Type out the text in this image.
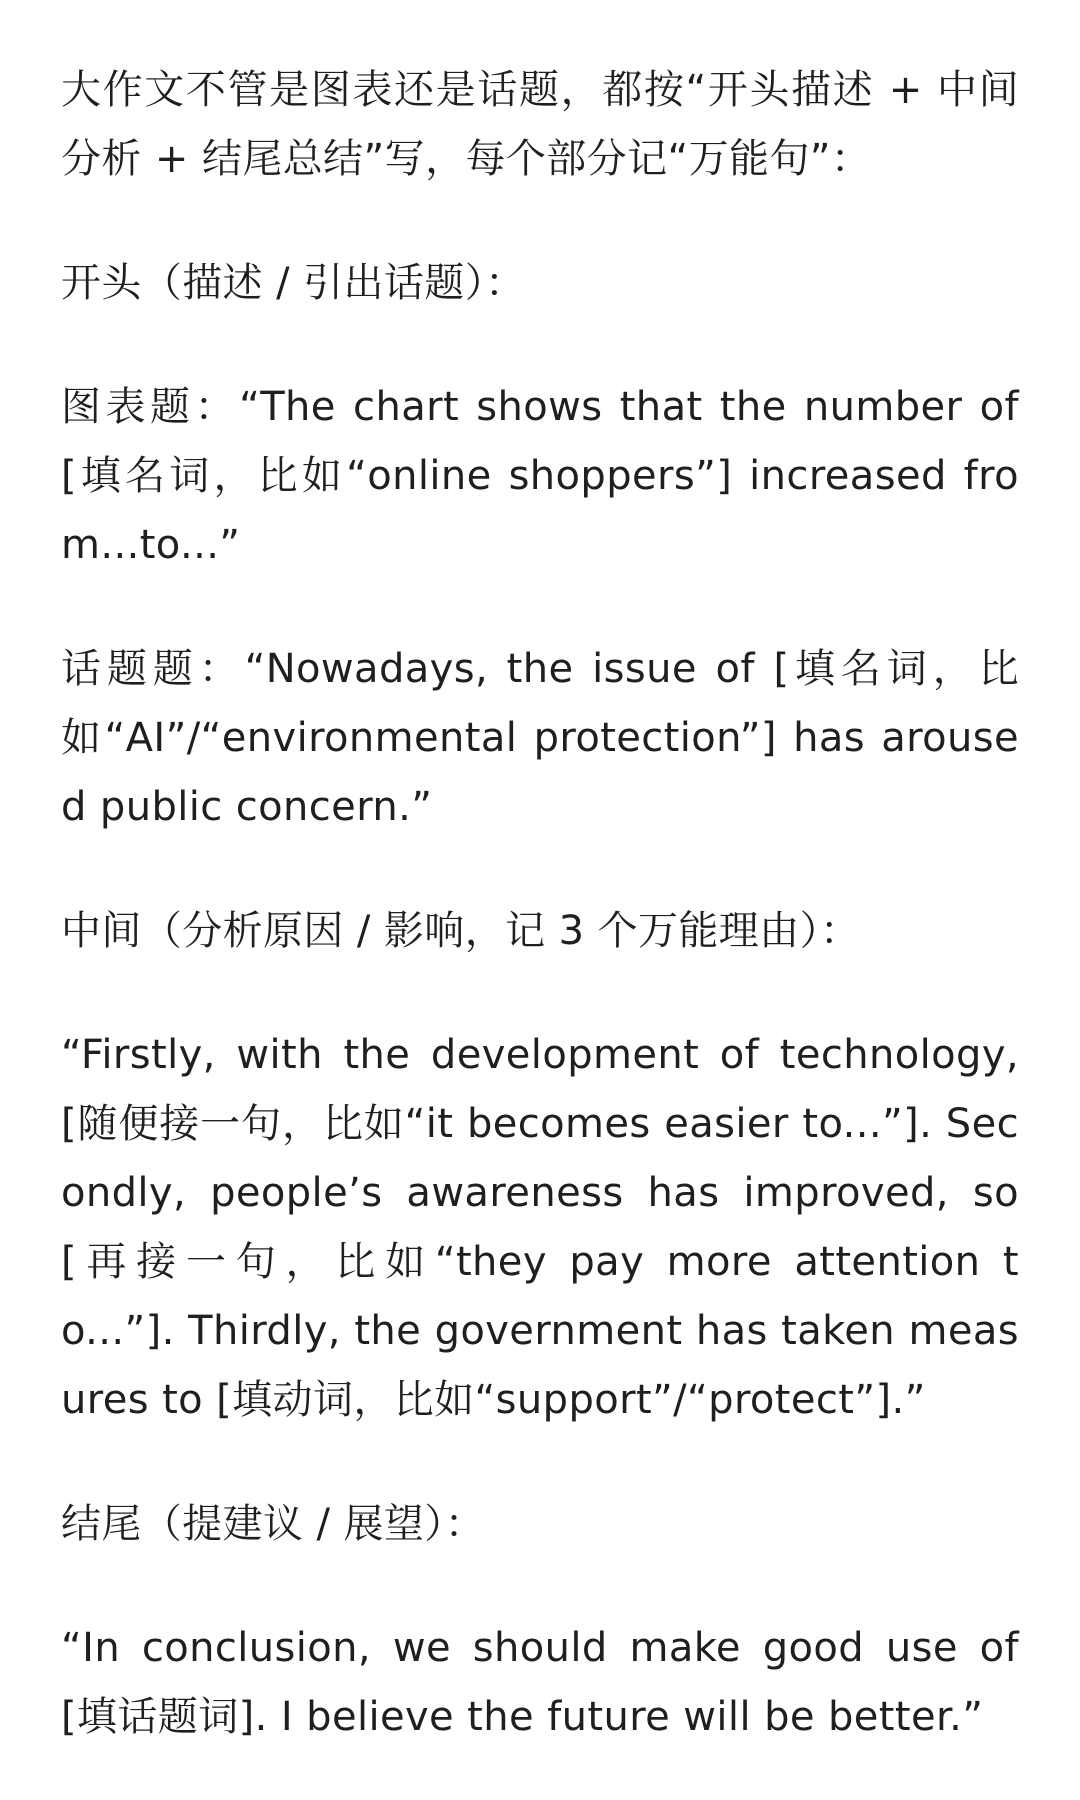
大作文不管是图表还是话题，都按“开头描述 + 中间分析 + 结尾总结”写，每个部分记“万能句”：

开头（描述 / 引出话题）：

图表题：“The chart shows that the number of [填名词，比如“online shoppers”] increased from...to...”

话题题：“Nowadays, the issue of [填名词，比如“AI”/“environmental protection”] has aroused public concern.”

中间（分析原因 / 影响，记 3 个万能理由）：

“Firstly, with the development of technology, [随便接一句，比如“it becomes easier to...”]. Secondly, people’s awareness has improved, so [再接一句，比如“they pay more attention to...”]. Thirdly, the government has taken measures to [填动词，比如“support”/“protect”].”

结尾（提建议 / 展望）：

“In conclusion, we should make good use of [填话题词]. I believe the future will be better.”
